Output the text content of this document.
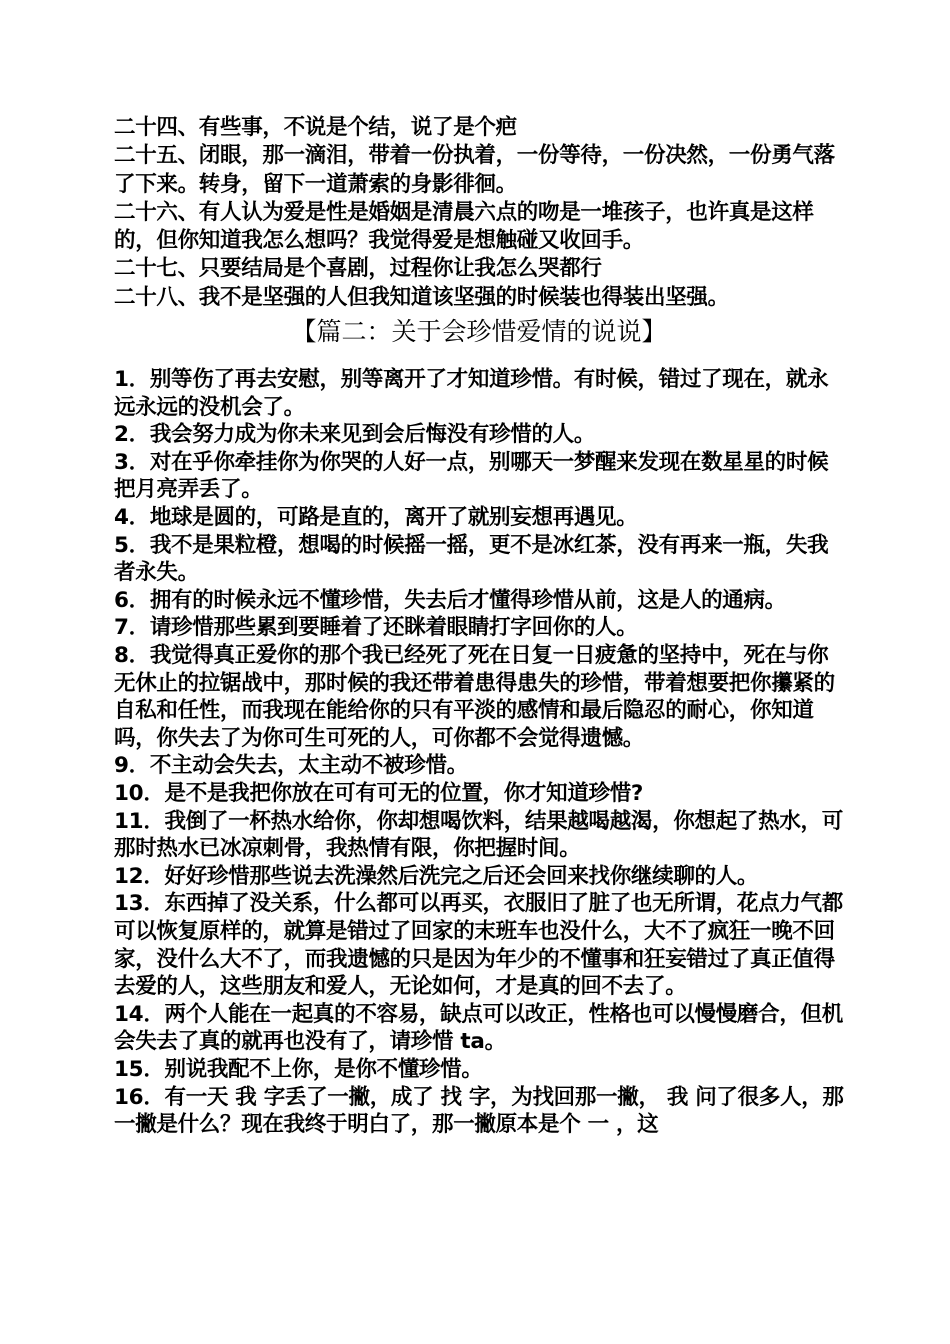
二十四、有些事，不说是个结，说了是个疤

二十五、闭眼，那一滴泪，带着一份执着，一份等待，一份决然，一份勇气落了下来。转身，留下一道萧索的身影徘徊。

二十六、有人认为爱是性是婚姻是清晨六点的吻是一堆孩子，也许真是这样的，但你知道我怎么想吗？我觉得爱是想触碰又收回手。

二十七、只要结局是个喜剧，过程你让我怎么哭都行

二十八、我不是坚强的人但我知道该坚强的时候装也得装出坚强。

【篇二：关于会珍惜爱情的说说】

1．别等伤了再去安慰，别等离开了才知道珍惜。有时候，错过了现在，就永远永远的没机会了。

2．我会努力成为你未来见到会后悔没有珍惜的人。

3．对在乎你牵挂你为你哭的人好一点，别哪天一梦醒来发现在数星星的时候把月亮弄丢了。

4．地球是圆的，可路是直的，离开了就别妄想再遇见。

5．我不是果粒橙，想喝的时候摇一摇，更不是冰红茶，没有再来一瓶，失我者永失。

6．拥有的时候永远不懂珍惜，失去后才懂得珍惜从前，这是人的通病。

7．请珍惜那些累到要睡着了还眯着眼睛打字回你的人。

8．我觉得真正爱你的那个我已经死了死在日复一日疲惫的坚持中，死在与你无休止的拉锯战中，那时候的我还带着患得患失的珍惜，带着想要把你攥紧的自私和任性，而我现在能给你的只有平淡的感情和最后隐忍的耐心，你知道吗，你失去了为你可生可死的人，可你都不会觉得遗憾。

9．不主动会失去，太主动不被珍惜。

10．是不是我把你放在可有可无的位置，你才知道珍惜?

11．我倒了一杯热水给你，你却想喝饮料，结果越喝越渴，你想起了热水，可那时热水已冰凉刺骨，我热情有限，你把握时间。

12．好好珍惜那些说去洗澡然后洗完之后还会回来找你继续聊的人。

13．东西掉了没关系，什么都可以再买，衣服旧了脏了也无所谓，花点力气都可以恢复原样的，就算是错过了回家的末班车也没什么，大不了疯狂一晚不回家，没什么大不了，而我遗憾的只是因为年少的不懂事和狂妄错过了真正值得去爱的人，这些朋友和爱人，无论如何，才是真的回不去了。

14．两个人能在一起真的不容易，缺点可以改正，性格也可以慢慢磨合，但机会失去了真的就再也没有了，请珍惜 ta。

15．别说我配不上你，是你不懂珍惜。

16．有一天 我 字丢了一撇，成了 找 字，为找回那一撇， 我 问了很多人，那一撇是什么？现在我终于明白了，那一撇原本是个 一 ，这
